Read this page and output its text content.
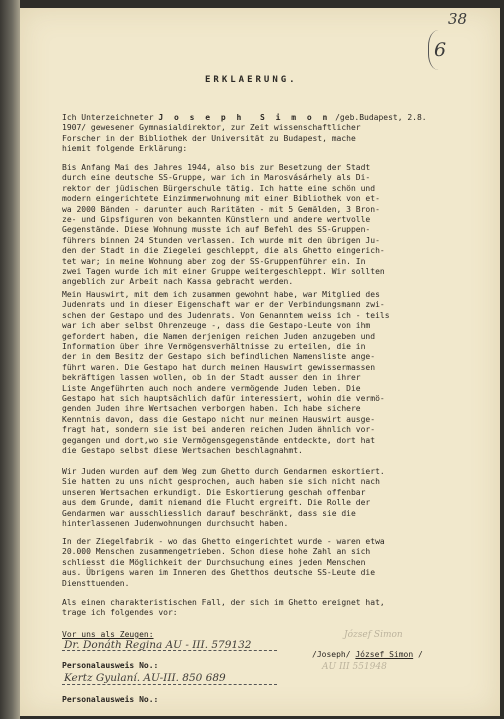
38
6
ERKLAERUNG.
Ich Unterzeichneter J o s e p h  S i m o n /geb.Budapest, 2.8.
1907/ gewesener Gymnasialdirektor, zur Zeit wissenschaftlicher
Forscher in der Bibliothek der Universität zu Budapest, mache
hiemit folgende Erklärung:
Bis Anfang Mai des Jahres 1944, also bis zur Besetzung der Stadt
durch eine deutsche SS-Gruppe, war ich in Marosvásárhely als Di-
rektor der jüdischen Bürgerschule tätig. Ich hatte eine schön und
modern eingerichtete Einzimmerwohnung mit einer Bibliothek von et-
wa 2000 Bänden - darunter auch Raritäten - mit 5 Gemälden, 3 Bron-
ze- und Gipsfiguren von bekannten Künstlern und andere wertvolle
Gegenstände. Diese Wohnung musste ich auf Befehl des SS-Gruppen-
führers binnen 24 Stunden verlassen. Ich wurde mit den übrigen Ju-
den der Stadt in die Ziegelei geschleppt, die als Ghetto eingerich-
tet war; in meine Wohnung aber zog der SS-Gruppenführer ein. In
zwei Tagen wurde ich mit einer Gruppe weitergeschleppt. Wir sollten
angeblich zur Arbeit nach Kassa gebracht werden.
Mein Hauswirt, mit dem ich zusammen gewohnt habe, war Mitglied des
Judenrats und in dieser Eigenschaft war er der Verbindungsmann zwi-
schen der Gestapo und des Judenrats. Von Genanntem weiss ich - teils
war ich aber selbst Ohrenzeuge -, dass die Gestapo-Leute von ihm
gefordert haben, die Namen derjenigen reichen Juden anzugeben und
Information über ihre Vermögensverhältnisse zu erteilen, die in
der in dem Besitz der Gestapo sich befindlichen Namensliste ange-
führt waren. Die Gestapo hat durch meinen Hauswirt gewissermassen
bekräftigen lassen wollen, ob in der Stadt ausser den in ihrer
Liste Angeführten auch noch andere vermögende Juden leben. Die
Gestapo hat sich hauptsächlich dafür interessiert, wohin die vermö-
genden Juden ihre Wertsachen verborgen haben. Ich habe sichere
Kenntnis davon, dass die Gestapo nicht nur meinen Hauswirt ausge-
fragt hat, sondern sie ist bei anderen reichen Juden ähnlich vor-
gegangen und dort,wo sie Vermögensgegenstände entdeckte, dort hat
die Gestapo selbst diese Wertsachen beschlagnahmt.
Wir Juden wurden auf dem Weg zum Ghetto durch Gendarmen eskortiert.
Sie hatten zu uns nicht gesprochen, auch haben sie sich nicht nach
unseren Wertsachen erkundigt. Die Eskortierung geschah offenbar
aus dem Grunde, damit niemand die Flucht ergreift. Die Rolle der
Gendarmen war ausschliesslich darauf beschränkt, dass sie die
hinterlassenen Judenwohnungen durchsucht haben.
In der Ziegelfabrik - wo das Ghetto eingerichtet wurde - waren etwa
20.000 Menschen zusammengetrieben. Schon diese hohe Zahl an sich
schliesst die Möglichkeit der Durchsuchung eines jeden Menschen
aus. Übrigens waren im Inneren des Ghetthos deutsche SS-Leute die
Diensttuenden.
Als einen charakteristischen Fall, der sich im Ghetto ereignet hat,
trage ich folgendes vor:
Vor uns als Zeugen:
Dr. Donáth Regina AU - III. 579132
Personalausweis No.:
Kertz Gyulaní. AU-III. 850 689
Personalausweis No.:
József Simon
/Joseph/ József Simon /
AU III 551948
